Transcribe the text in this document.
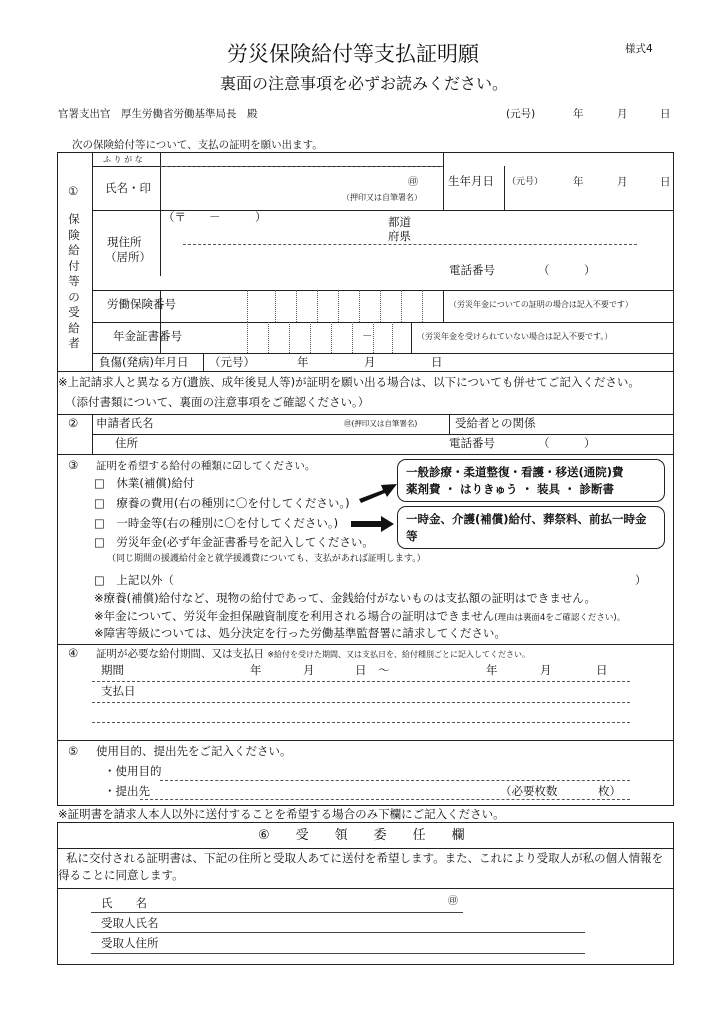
労災保険給付等支払証明願	様式4
裏面の注意事項を必ずお読みください。
官署支出官　厚生労働省労働基準局長　殿	(元号)	年	月	日
次の保険給付等について、支払の証明を願い出ます。
①
保
険
給
付
等
の
受
給
者
ふ り が な
氏名・印	㊞
（押印又は自筆署名）
生年月日 （元号）	年	月	日
（〒　　－　　　）
現住所
（居所）
都道
府県
電話番号	（　　　）
労働保険番号	（労災年金についての証明の場合は記入不要です）
年金証書番号	－	（労災年金を受けられていない場合は記入不要です。）
負傷(発病)年月日 （元号）	年	月	日
※上記請求人と異なる方(遺族、成年後見人等)が証明を願い出る場合は、以下についても併せてご記入ください。
（添付書類について、裏面の注意事項をご確認ください。）
② 申請者氏名	㊞(押印又は自筆署名)	受給者との関係
住所	電話番号	（　　　）
③ 証明を希望する給付の種類に☑してください。
□　休業(補償)給付
□　療養の費用(右の種別に〇を付してください。)
□　一時金等(右の種別に〇を付してください。)
□　労災年金(必ず年金証書番号を記入してください。
（同じ期間の援護給付金と就学援護費についても、支払があれば証明します。）
□　上記以外（	）
※療養(補償)給付など、現物の給付であって、金銭給付がないものは支払額の証明はできません。
※年金について、労災年金担保融資制度を利用される場合の証明はできません(理由は裏面4をご確認ください)。
※障害等級については、処分決定を行った労働基準監督署に請求してください。
一般診療・柔道整復・看護・移送(通院)費
薬剤費 ・ はりきゅう ・ 装具 ・ 診断書
一時金、介護(補償)給付、葬祭料、前払一時金
等
④ 証明が必要な給付期間、又は支払日 ※給付を受けた期間、又は支払日を、給付種別ごとに記入してください。
期間	年	月	日　～	年	月	日
支払日
⑤ 使用目的、提出先をご記入ください。
・使用目的
・提出先	（必要枚数	枚）
※証明書を請求人本人以外に送付することを希望する場合のみ下欄にご記入ください。
⑥　　受　　領　　委　　任　　欄
私に交付される証明書は、下記の住所と受取人あてに送付を希望します。また、これにより受取人が私の個人情報を
得ることに同意します。
氏　　名	㊞
受取人氏名
受取人住所
